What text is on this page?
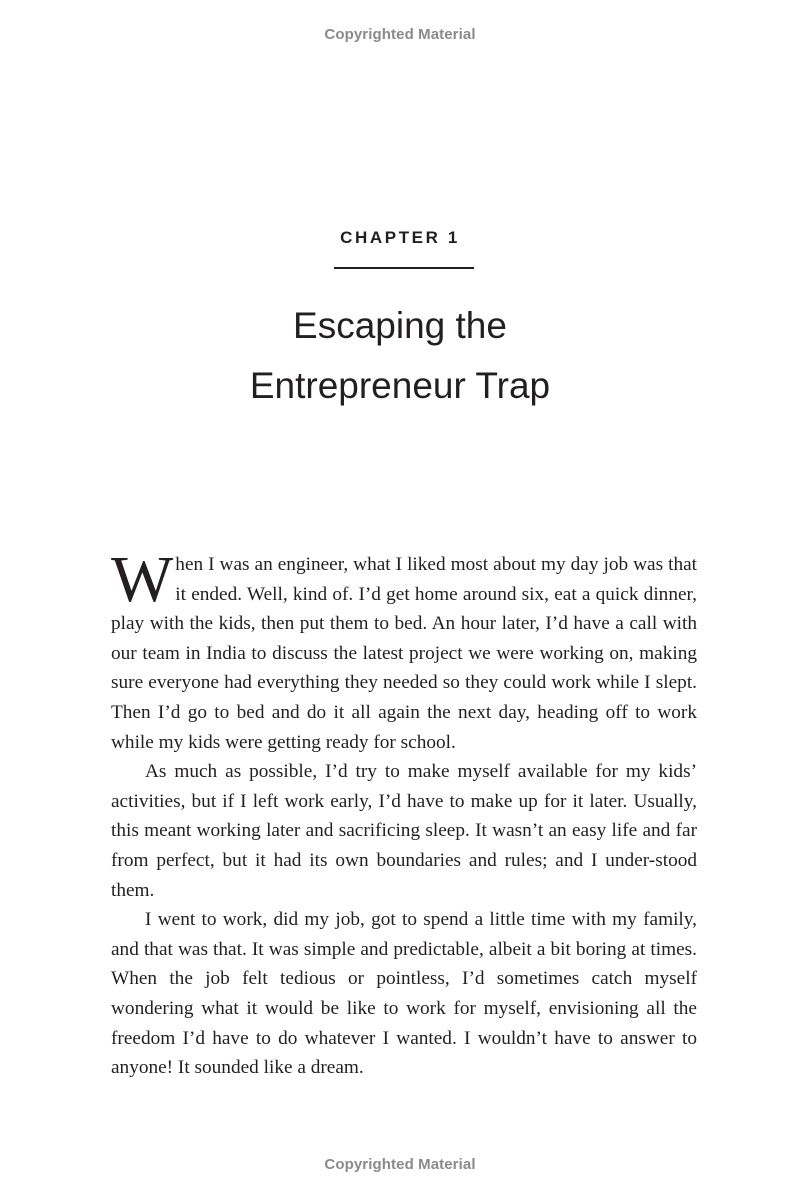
Copyrighted Material
CHAPTER 1
Escaping the
Entrepreneur Trap

When I was an engineer, what I liked most about my day job was that it ended. Well, kind of. I’d get home around six, eat a quick dinner, play with the kids, then put them to bed. An hour later, I’d have a call with our team in India to discuss the latest project we were working on, making sure everyone had everything they needed so they could work while I slept. Then I’d go to bed and do it all again the next day, heading off to work while my kids were getting ready for school.

As much as possible, I’d try to make myself available for my kids’ activities, but if I left work early, I’d have to make up for it later. Usually, this meant working later and sacrificing sleep. It wasn’t an easy life and far from perfect, but it had its own boundaries and rules; and I under-stood them.

I went to work, did my job, got to spend a little time with my family, and that was that. It was simple and predictable, albeit a bit boring at times. When the job felt tedious or pointless, I’d sometimes catch myself wondering what it would be like to work for myself, envisioning all the freedom I’d have to do whatever I wanted. I wouldn’t have to answer to anyone! It sounded like a dream.

Copyrighted Material
